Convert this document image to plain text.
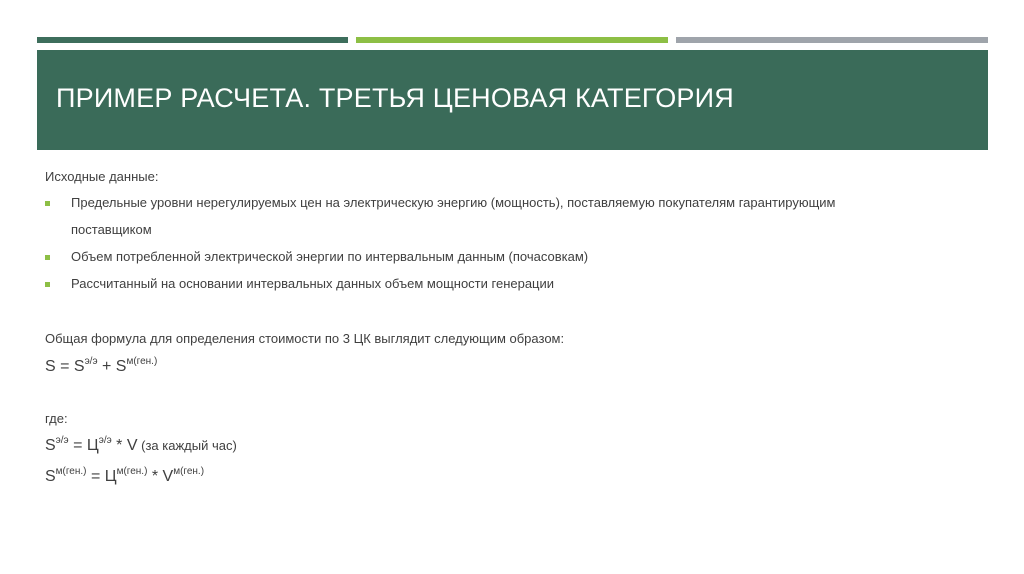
ПРИМЕР РАСЧЕТА. ТРЕТЬЯ ЦЕНОВАЯ КАТЕГОРИЯ
Исходные данные:
Предельные уровни нерегулируемых цен на электрическую энергию (мощность), поставляемую покупателям гарантирующим
поставщиком
Объем потребленной электрической энергии по интервальным данным (почасовкам)
Рассчитанный на основании интервальных данных объем мощности генерации
Общая формула для определения стоимости по 3 ЦК выглядит следующим образом:
$S = S^{э/э} + S^{м(ген.)}$
где:
$S^{э/э} = Ц^{э/э} * V$ (за каждый час)
$S^{м(ген.)} = Ц^{м(ген.)} * V^{м(ген.)}$
